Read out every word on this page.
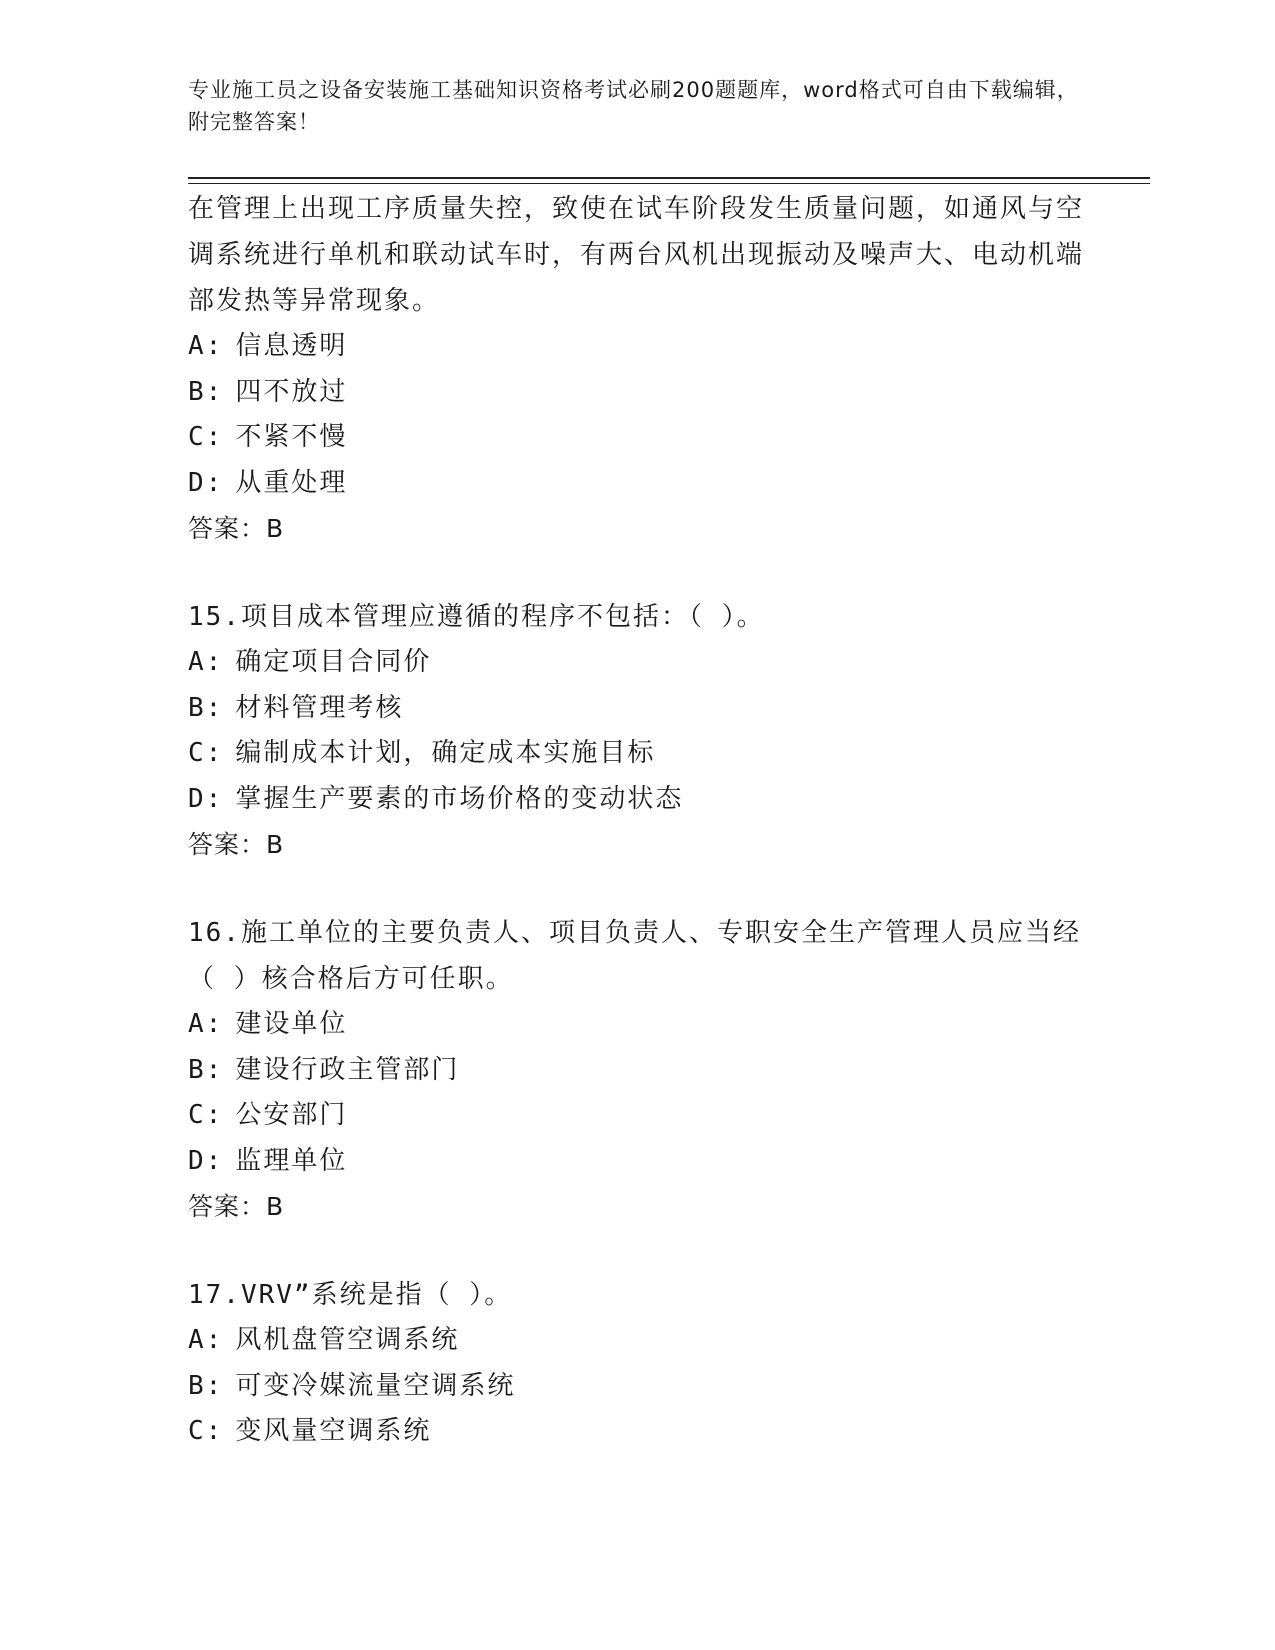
专业施工员之设备安装施工基础知识资格考试必刷200题题库，word格式可自由下载编辑，附完整答案！
在管理上出现工序质量失控，致使在试车阶段发生质量问题，如通风与空调系统进行单机和联动试车时，有两台风机出现振动及噪声大、电动机端部发热等异常现象。
A: 信息透明
B: 四不放过
C: 不紧不慢
D: 从重处理
答案：B
15.项目成本管理应遵循的程序不包括：（ ）。
A: 确定项目合同价
B: 材料管理考核
C: 编制成本计划，确定成本实施目标
D: 掌握生产要素的市场价格的变动状态
答案：B
16.施工单位的主要负责人、项目负责人、专职安全生产管理人员应当经（ ）核合格后方可任职。
A: 建设单位
B: 建设行政主管部门
C: 公安部门
D: 监理单位
答案：B
17.VRV”系统是指（ ）。
A: 风机盘管空调系统
B: 可变冷媒流量空调系统
C: 变风量空调系统
